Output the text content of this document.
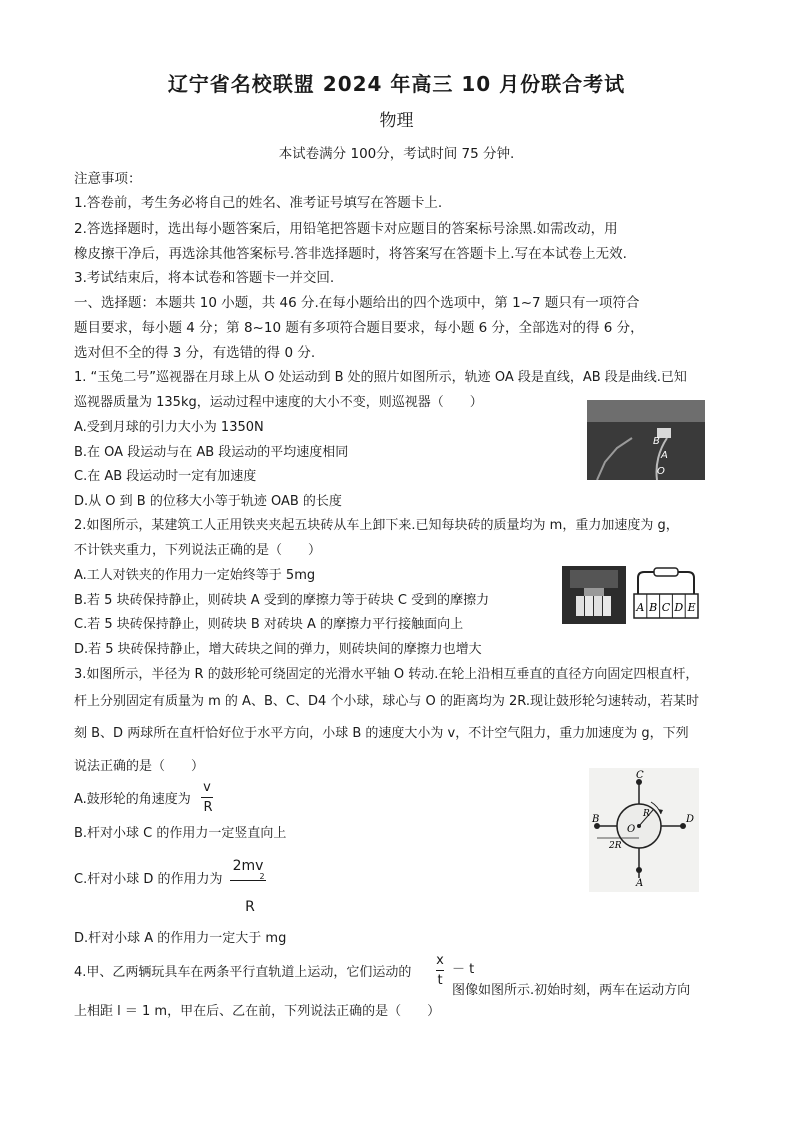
辽宁省名校联盟 2024 年高三 10 月份联合考试
物理
本试卷满分 100分，考试时间 75 分钟.
注意事项：
1.答卷前，考生务必将自己的姓名、准考证号填写在答题卡上.
2.答选择题时，选出每小题答案后，用铅笔把答题卡对应题目的答案标号涂黑.如需改动，用
橡皮擦干净后，再选涂其他答案标号.答非选择题时，将答案写在答题卡上.写在本试卷上无效.
3.考试结束后，将本试卷和答题卡一并交回.
一、选择题：本题共 10 小题，共 46 分.在每小题给出的四个选项中，第 1~7 题只有一项符合
题目要求，每小题 4 分；第 8~10 题有多项符合题目要求，每小题 6 分，全部选对的得 6 分，
选对但不全的得 3 分，有选错的得 0 分.
1. “玉兔二号”巡视器在月球上从 O 处运动到 B 处的照片如图所示，轨迹 OA 段是直线，AB 段是曲线.已知
巡视器质量为 135kg，运动过程中速度的大小不变，则巡视器（　　）
A.受到月球的引力大小为 1350N
B.在 OA 段运动与在 AB 段运动的平均速度相同
C.在 AB 段运动时一定有加速度
D.从 O 到 B 的位移大小等于轨迹 OAB 的长度
B
A
O
2.如图所示，某建筑工人正用铁夹夹起五块砖从车上卸下来.已知每块砖的质量均为 m，重力加速度为 g，
不计铁夹重力，下列说法正确的是（　　）
A.工人对铁夹的作用力一定始终等于 5mg
B.若 5 块砖保持静止，则砖块 A 受到的摩擦力等于砖块 C 受到的摩擦力
C.若 5 块砖保持静止，则砖块 B 对砖块 A 的摩擦力平行接触面向上
D.若 5 块砖保持静止，增大砖块之间的弹力，则砖块间的摩擦力也增大
A B C D E
3.如图所示，半径为 R 的鼓形轮可绕固定的光滑水平轴 O 转动.在轮上沿相互垂直的直径方向固定四根直杆，
杆上分别固定有质量为 m 的 A、B、C、D4 个小球，球心与 O 的距离均为 2R.现让鼓形轮匀速转动，若某时
刻 B、D 两球所在直杆恰好位于水平方向，小球 B 的速度大小为 v，不计空气阻力，重力加速度为 g，下列
说法正确的是（　　）
A.鼓形轮的角速度为
v
R
B.杆对小球 C 的作用力一定竖直向上
C.杆对小球 D 的作用力为
2mv
2
R
D.杆对小球 A 的作用力一定大于 mg
C
B	D
A
O
R
2R
4.甲、乙两辆玩具车在两条平行直轨道上运动，它们运动的
x
t
－ t
图像如图所示.初始时刻，两车在运动方向
上相距 l ＝ 1 m，甲在后、乙在前，下列说法正确的是（　　）
